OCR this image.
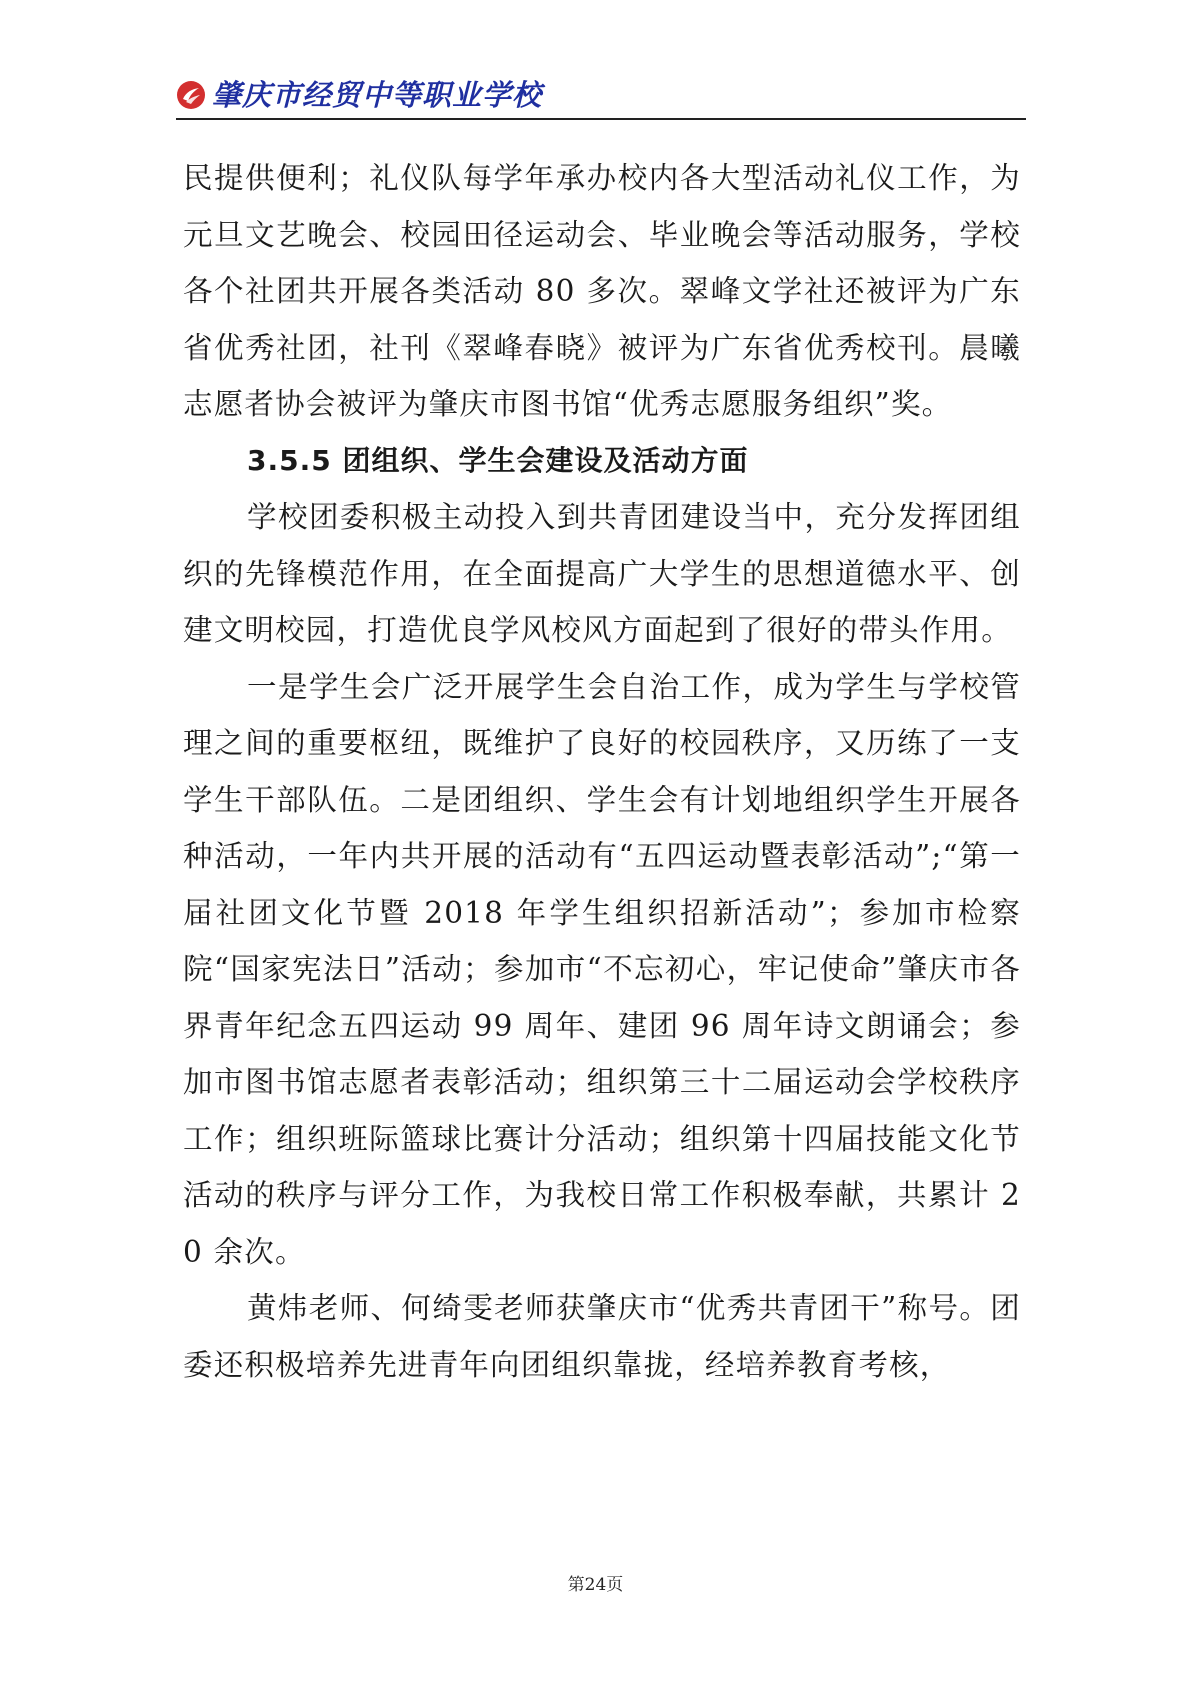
肇庆市经贸中等职业学校

民提供便利；礼仪队每学年承办校内各大型活动礼仪工作，为元旦文艺晚会、校园田径运动会、毕业晚会等活动服务，学校各个社团共开展各类活动 80 多次。翠峰文学社还被评为广东省优秀社团，社刊《翠峰春晓》被评为广东省优秀校刊。晨曦志愿者协会被评为肇庆市图书馆“优秀志愿服务组织”奖。

3.5.5 团组织、学生会建设及活动方面

学校团委积极主动投入到共青团建设当中，充分发挥团组织的先锋模范作用，在全面提高广大学生的思想道德水平、创建文明校园，打造优良学风校风方面起到了很好的带头作用。

一是学生会广泛开展学生会自治工作，成为学生与学校管理之间的重要枢纽，既维护了良好的校园秩序，又历练了一支学生干部队伍。二是团组织、学生会有计划地组织学生开展各种活动，一年内共开展的活动有“五四运动暨表彰活动”;“第一届社团文化节暨 2018 年学生组织招新活动”；参加市检察院“国家宪法日”活动；参加市“不忘初心，牢记使命”肇庆市各界青年纪念五四运动 99 周年、建团 96 周年诗文朗诵会；参加市图书馆志愿者表彰活动；组织第三十二届运动会学校秩序工作；组织班际篮球比赛计分活动；组织第十四届技能文化节活动的秩序与评分工作，为我校日常工作积极奉献，共累计 20 余次。

黄炜老师、何绮雯老师获肇庆市“优秀共青团干”称号。团委还积极培养先进青年向团组织靠拢，经培养教育考核，

第24页
